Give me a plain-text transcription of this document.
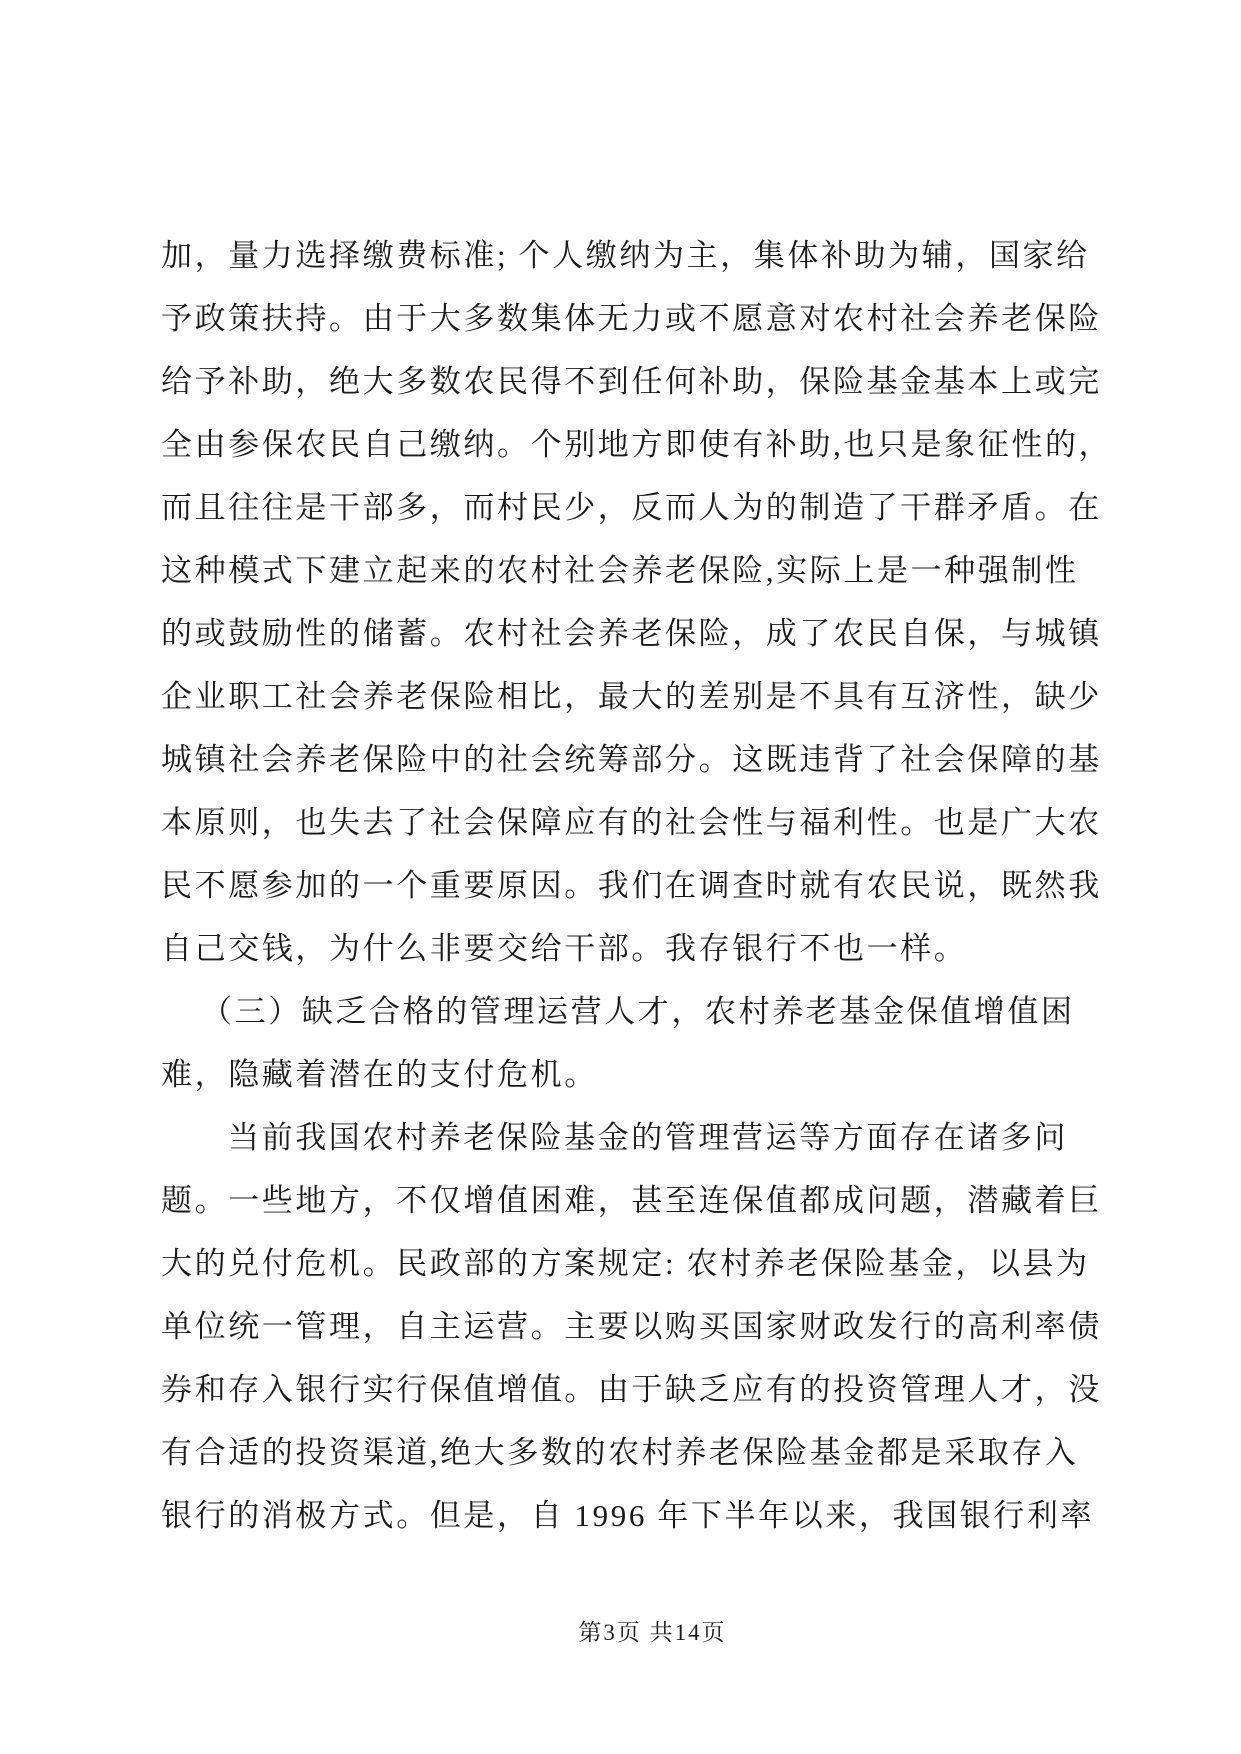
加，量力选择缴费标准; 个人缴纳为主，集体补助为辅，国家给
予政策扶持。由于大多数集体无力或不愿意对农村社会养老保险
给予补助，绝大多数农民得不到任何补助，保险基金基本上或完
全由参保农民自己缴纳。个别地方即使有补助,也只是象征性的，
而且往往是干部多，而村民少，反而人为的制造了干群矛盾。在
这种模式下建立起来的农村社会养老保险,实际上是一种强制性
的或鼓励性的储蓄。农村社会养老保险，成了农民自保，与城镇
企业职工社会养老保险相比，最大的差别是不具有互济性，缺少
城镇社会养老保险中的社会统筹部分。这既违背了社会保障的基
本原则，也失去了社会保障应有的社会性与福利性。也是广大农
民不愿参加的一个重要原因。我们在调查时就有农民说，既然我
自己交钱，为什么非要交给干部。我存银行不也一样。
（三）缺乏合格的管理运营人才，农村养老基金保值增值困
难，隐藏着潜在的支付危机。
当前我国农村养老保险基金的管理营运等方面存在诸多问
题。一些地方，不仅增值困难，甚至连保值都成问题，潜藏着巨
大的兑付危机。民政部的方案规定: 农村养老保险基金，以县为
单位统一管理，自主运营。主要以购买国家财政发行的高利率债
券和存入银行实行保值增值。由于缺乏应有的投资管理人才，没
有合适的投资渠道,绝大多数的农村养老保险基金都是采取存入
银行的消极方式。但是，自 1996 年下半年以来，我国银行利率
第3页 共14页
